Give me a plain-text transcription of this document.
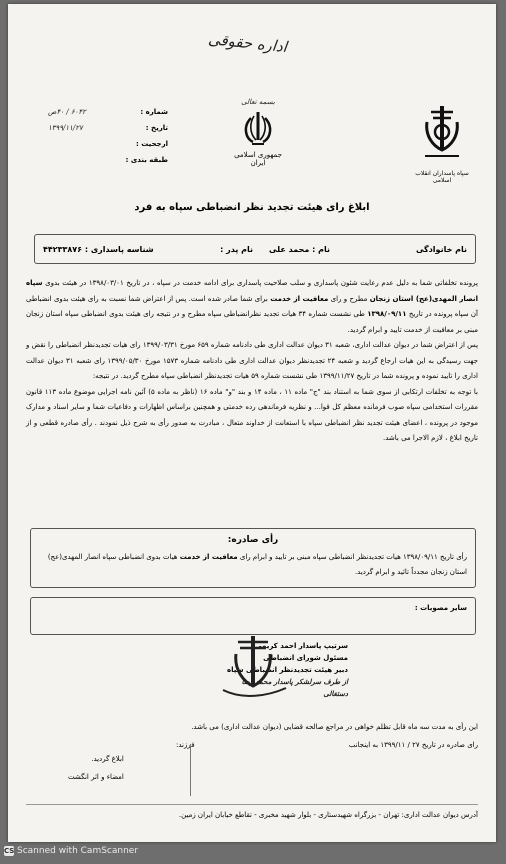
اداره حقوقی
شماره :
۶۰۴۲ / ۴۰ص
تاریخ :
۱۳۹۹/۱۱/۲۷
ارجحیت :
طبقه بندی :
بسمه تعالی
جمهوری اسلامی ایران
سپاه پاسداران انقلاب اسلامی
ابلاغ رای هیئت تجدید نظر انضباطی سپاه به فرد
نام خانوادگی
نام : محمد علی
نام پدر :
شناسه پاسداری : ۴۴۲۳۳۸۷۶

پرونده تخلفاتی شما به دلیل عدم رعایت شئون پاسداری و سلب صلاحیت پاسداری برای ادامه خدمت در سپاه ، در تاریخ ۱۳۹۸/۰۳/۰۱ در هیئت بدوی سپاه انصار المهدی(عج) استان زنجان مطرح و رای معافیت از خدمت برای شما صادر شده است. پس از اعتراض شما نسبت به رای هیئت بدوی انضباطی آن سپاه پرونده در تاریخ ۱۳۹۸/۰۹/۱۱ طی نشست شماره ۳۴ هیات تجدید نظرانضباطی سپاه مطرح و در نتیجه رای هیئت بدوی انضباطی سپاه استان زنجان مبنی بر معافیت از خدمت تایید و ابرام گردید.

پس از اعتراض شما در دیوان عدالت اداری، شعبه ۳۱ دیوان عدالت اداری طی دادنامه شماره ۶۵۹ مورخ ۱۳۹۹/۰۳/۳۱ رای هیات تجدیدنظر انضباطی را نقض و جهت رسیدگی به این هیات ارجاع گردید و شعبه ۲۴ تجدیدنظر دیوان عدالت اداری طی دادنامه شماره ۱۵۷۳ مورخ ۱۳۹۹/۰۵/۳۰ رای شعبه ۳۱ دیوان عدالت اداری را تایید نموده و پرونده شما در تاریخ ۱۳۹۹/۱۱/۲۷ طی نشست شماره ۵۹ هیات تجدیدنظر انضباطی سپاه مطرح گردید. در نتیجه:

با توجه به تخلفات ارتکابی از سوی شما به استناد بند "ج" ماده ۱۱ ، ماده ۱۴ و بند "و" ماده ۱۶ (ناظر به ماده ۵) آئین نامه اجرایی موضوع ماده ۱۱۳ قانون مقررات استخدامی سپاه صوب فرمانده معظم کل قوا... و نظریه فرماندهی رده خدمتی و همچنین براساس اظهارات و دفاعیات شما و سایر اسناد و مدارک موجود در پرونده ، اعضای هیئت تجدید نظر انضباطی سپاه با استعانت از خداوند متعال ، مبادرت به صدور رأی به شرح ذیل نمودند . رأی صادره قطعی و از تاریخ ابلاغ ، لازم الاجرا می باشد.

رأی صادره:
رأی تاریخ ۱۳۹۸/۰۹/۱۱ هیات تجدیدنظر انضباطی سپاه مبنی بر تایید و ابرام رای معافیت از خدمت هیات بدوی انضباطی سپاه انصار المهدی(عج) استان زنجان مجدداً تائید و ابرام گردید.
سایر مصوبات :
سرتیپ پاسدار احمد کریمی
مسئول شورای انضباطی
دبیر هیئت تجدیدنظر انضباطی سپاه
از طرف سرلشکر پاسدار محمد رضا دستغالی
این رأی به مدت سه ماه قابل تظلم خواهی در مراجع صالحه قضایی (دیوان عدالت اداری) می باشد.
رای صادره در تاریخ ۲۷ / ۱۳۹۹/۱۱ به اینجانب
فرزند:
ابلاغ گردید.
امضاء و اثر انگشت
آدرس دیوان عدالت اداری: تهران - بزرگراه شهیدستاری - بلوار شهید مخبری - تقاطع خیابان ایران زمین.
CS Scanned with CamScanner
